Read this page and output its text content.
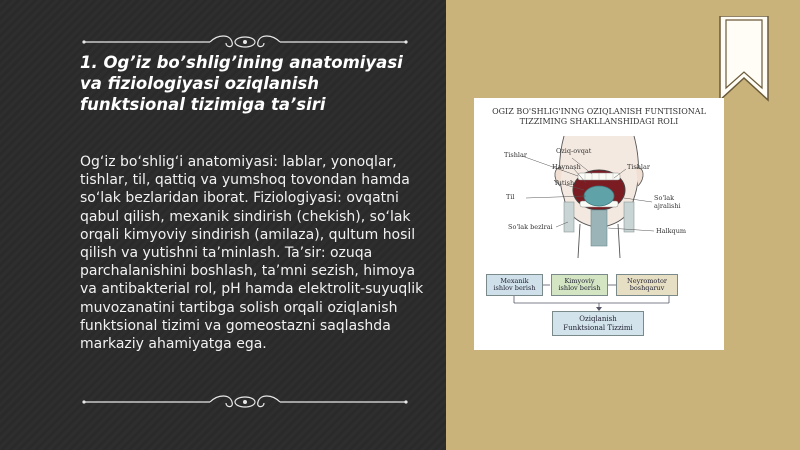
1. Og’iz bo’shlig’ining anatomiyasi va fiziologiyasi oziqlanish funktsional tizimiga ta’siri

Og‘iz bo‘shlig‘i anatomiyasi: lablar, yonoqlar, tishlar, til, qattiq va yumshoq tovondan hamda so‘lak bezlaridan iborat. Fiziologiyasi: ovqatni qabul qilish, mexanik sindirish (chekish), so‘lak orqali kimyoviy sindirish (amilaza), qultum hosil qilish va yutishni ta’minlash. Ta’sir: ozuqa parchalanishini boshlash, ta’mni sezish, himoya va antibakterial rol, pH hamda elektrolit-suyuqlik muvozanatini tartibga solish orqali oziqlanish funktsional tizimi va gomeostazni saqlashda markaziy ahamiyatga ega.

OGIZ BO'SHLIG'INNG OZIQLANISH FUNTISIONAL
TIZZIMING SHAKLLANSHIDAGI ROLI
Tishlar	Oziq-ovqat
Haynash	Tishlar
Yutish
Til	So'lak
ajralishi
So'lak bezlrai	Halkqum
Mexanik
ishlov berish
Kimyoviy
ishlov berish
Neyromotor
boshqaruv
Oziqlanish
Funktsional Tizzimi
